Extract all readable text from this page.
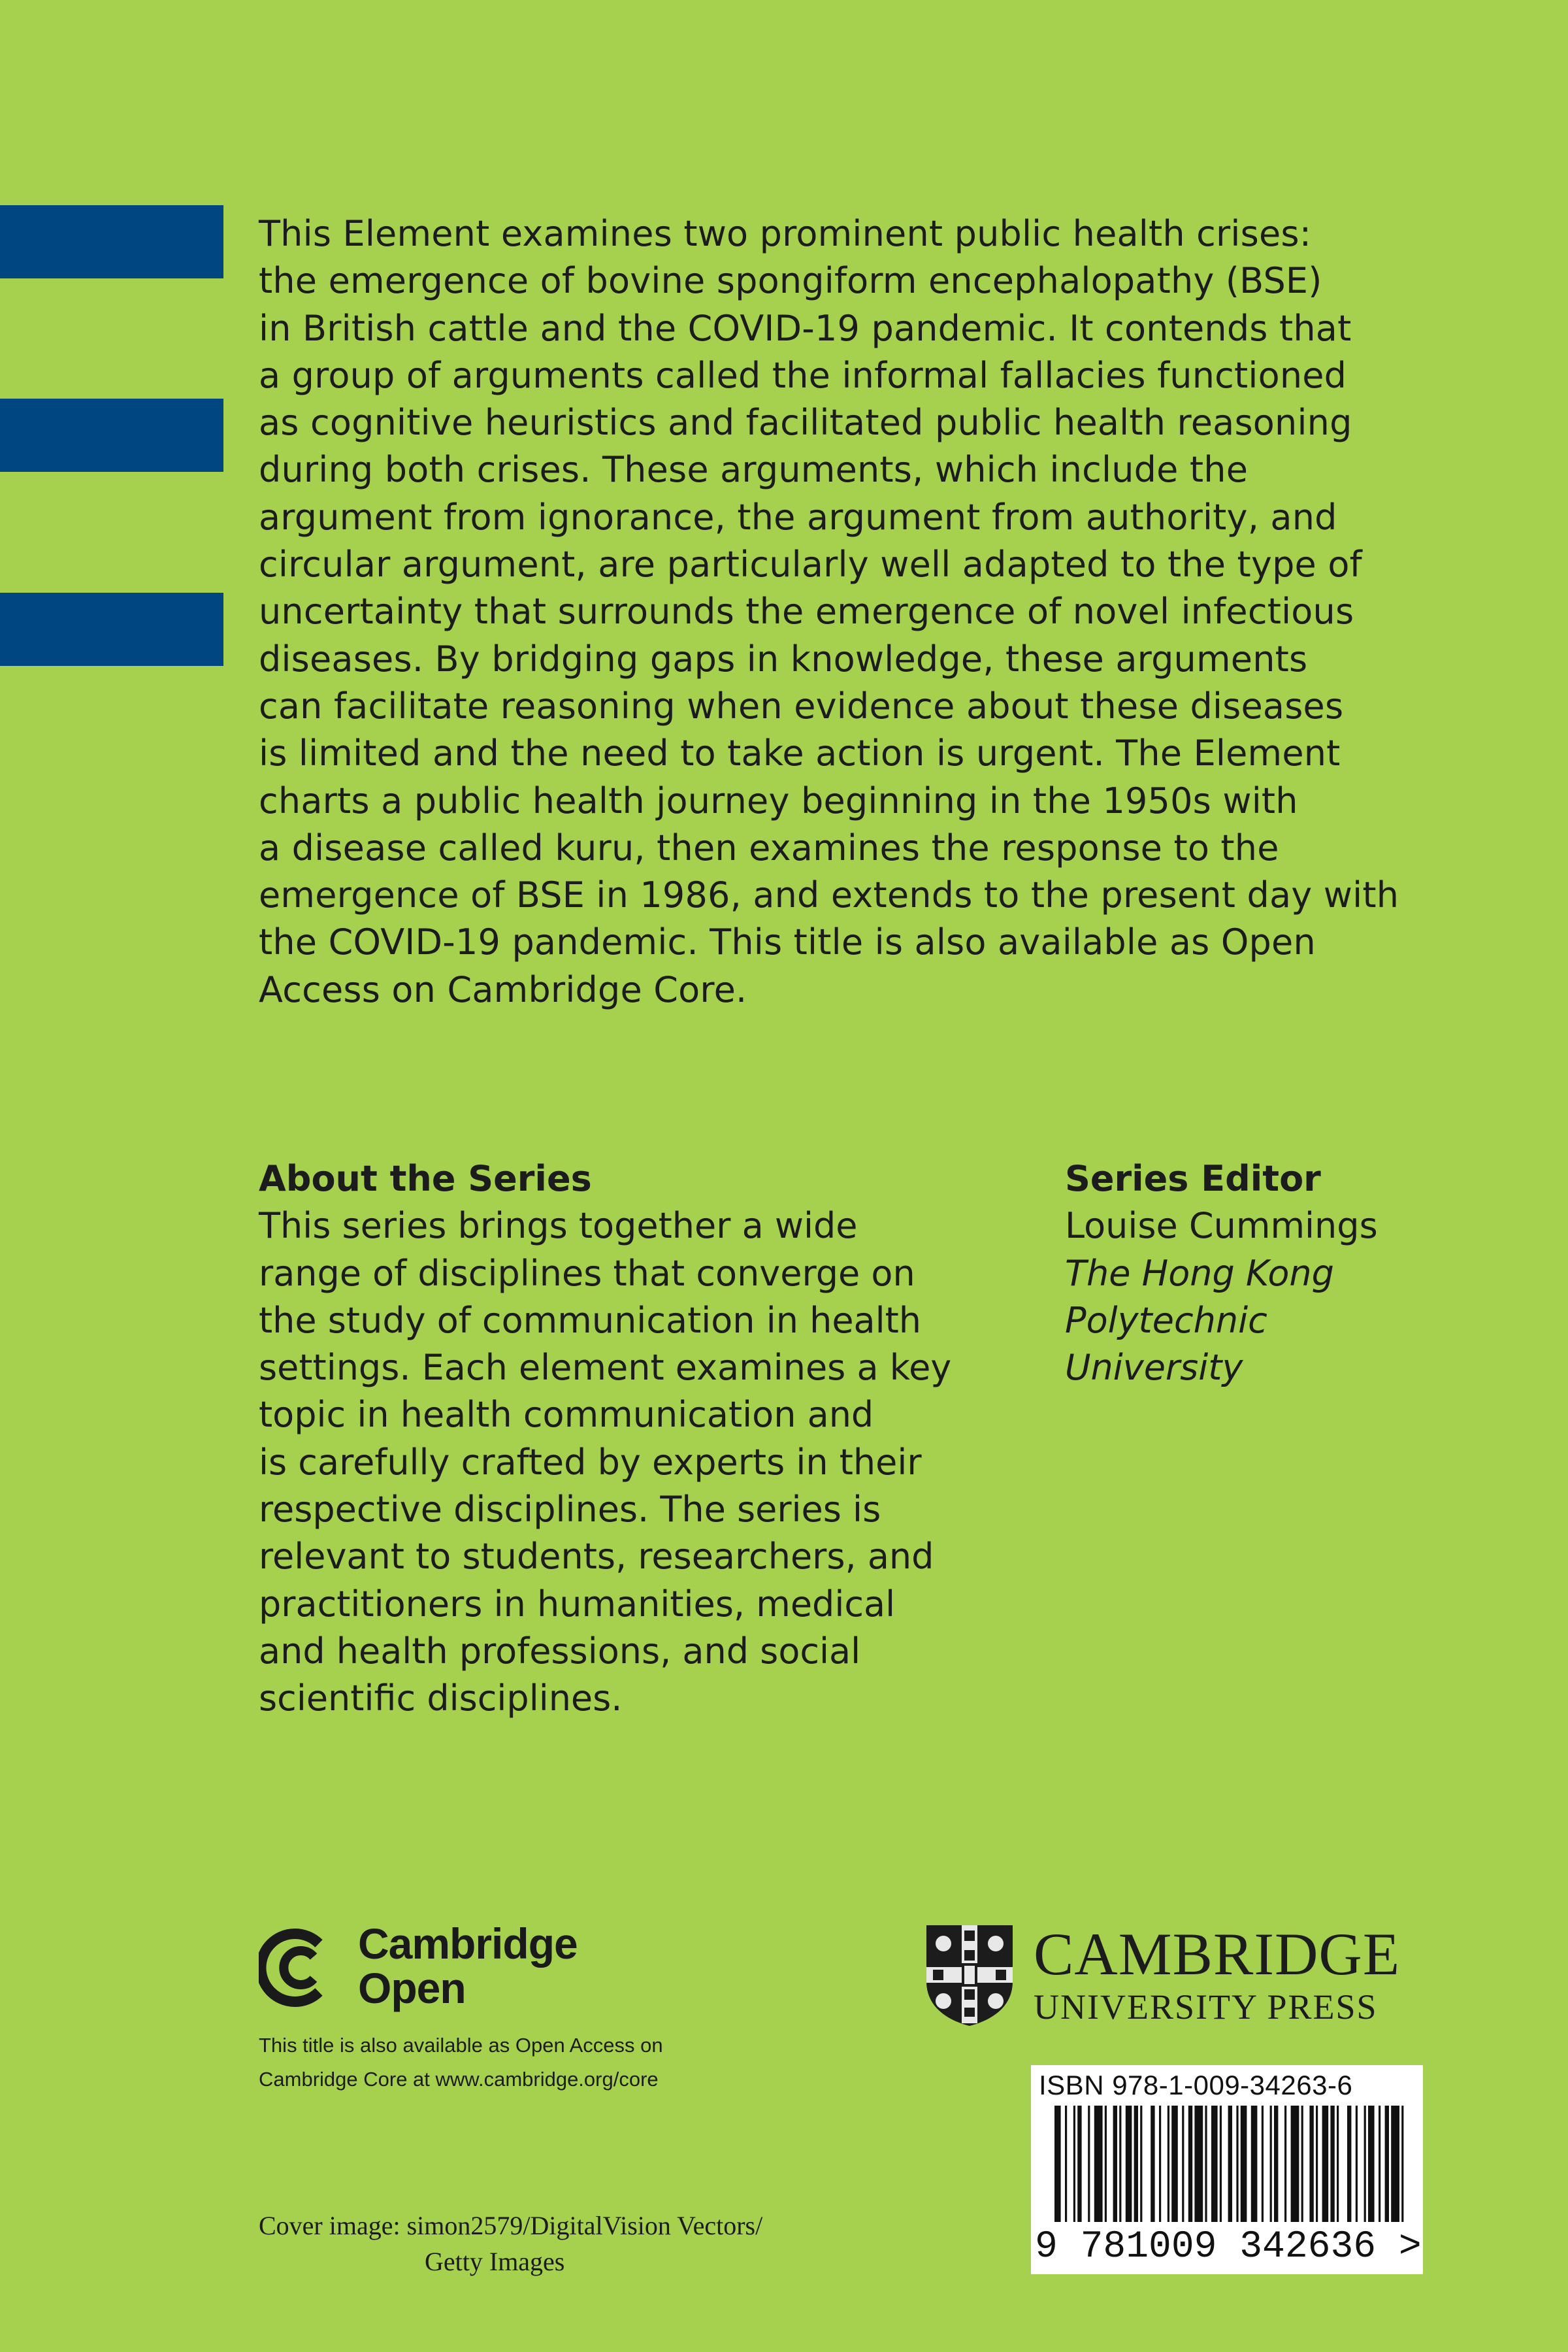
This Element examines two prominent public health crises:
the emergence of bovine spongiform encephalopathy (BSE)
in British cattle and the COVID-19 pandemic. It contends that
a group of arguments called the informal fallacies functioned
as cognitive heuristics and facilitated public health reasoning
during both crises. These arguments, which include the
argument from ignorance, the argument from authority, and
circular argument, are particularly well adapted to the type of
uncertainty that surrounds the emergence of novel infectious
diseases. By bridging gaps in knowledge, these arguments
can facilitate reasoning when evidence about these diseases
is limited and the need to take action is urgent. The Element
charts a public health journey beginning in the 1950s with
a disease called kuru, then examines the response to the
emergence of BSE in 1986, and extends to the present day with
the COVID-19 pandemic. This title is also available as Open
Access on Cambridge Core.
About the Series
This series brings together a wide
range of disciplines that converge on
the study of communication in health
settings. Each element examines a key
topic in health communication and
is carefully crafted by experts in their
respective disciplines. The series is
relevant to students, researchers, and
practitioners in humanities, medical
and health professions, and social
scientific disciplines.
Series Editor
Louise Cummings
The Hong Kong
Polytechnic
University
Cambridge
Open
This title is also available as Open Access on
Cambridge Core at www.cambridge.org/core
CAMBRIDGE
UNIVERSITY PRESS
ISBN 978-1-009-34263-6
9 781009 342636 >
Cover image: simon2579/DigitalVision Vectors/
Getty Images
